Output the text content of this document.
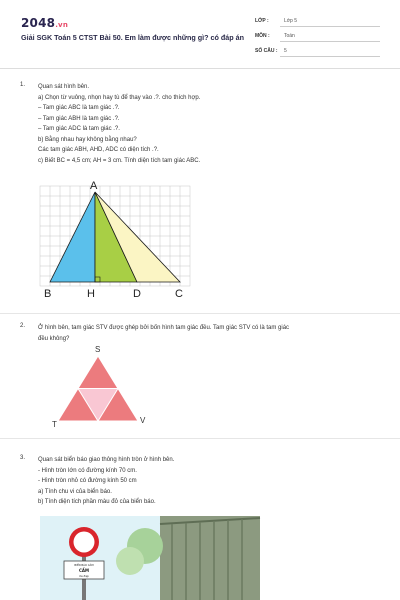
2048.vn
Giải SGK Toán 5 CTST Bài 50. Em làm được những gì? có đáp án
LỚP :	Lớp 5
MÔN :	Toán
SỐ CÂU : 5
1. Quan sát hình bên.
a) Chọn từ vuông, nhọn hay tù để thay vào .?. cho thích hợp.
– Tam giác ABC là tam giác .?.
– Tam giác ABH là tam giác .?.
– Tam giác ADC là tam giác .?.
b) Bằng nhau hay không bằng nhau?
Các tam giác ABH, AHD, ADC có diện tích .?.
c) Biết BC = 4,5 cm; AH = 3 cm. Tính diện tích tam giác ABC.
A
B	H	D	C
2. Ở hình bên, tam giác STV được ghép bởi bốn hình tam giác đều. Tam giác STV có là tam giác
đều không?
S
T	V
3. Quan sát biển báo giao thông hình tròn ở hình bên.
- Hình tròn lớn có đường kính 70 cm.
- Hình tròn nhỏ có đường kính 50 cm
a) Tính chu vi của biển báo.
b) Tính diện tích phần màu đỏ của biển báo.
BIỂN BÁO CẤM
CẤM
Xe đạp
